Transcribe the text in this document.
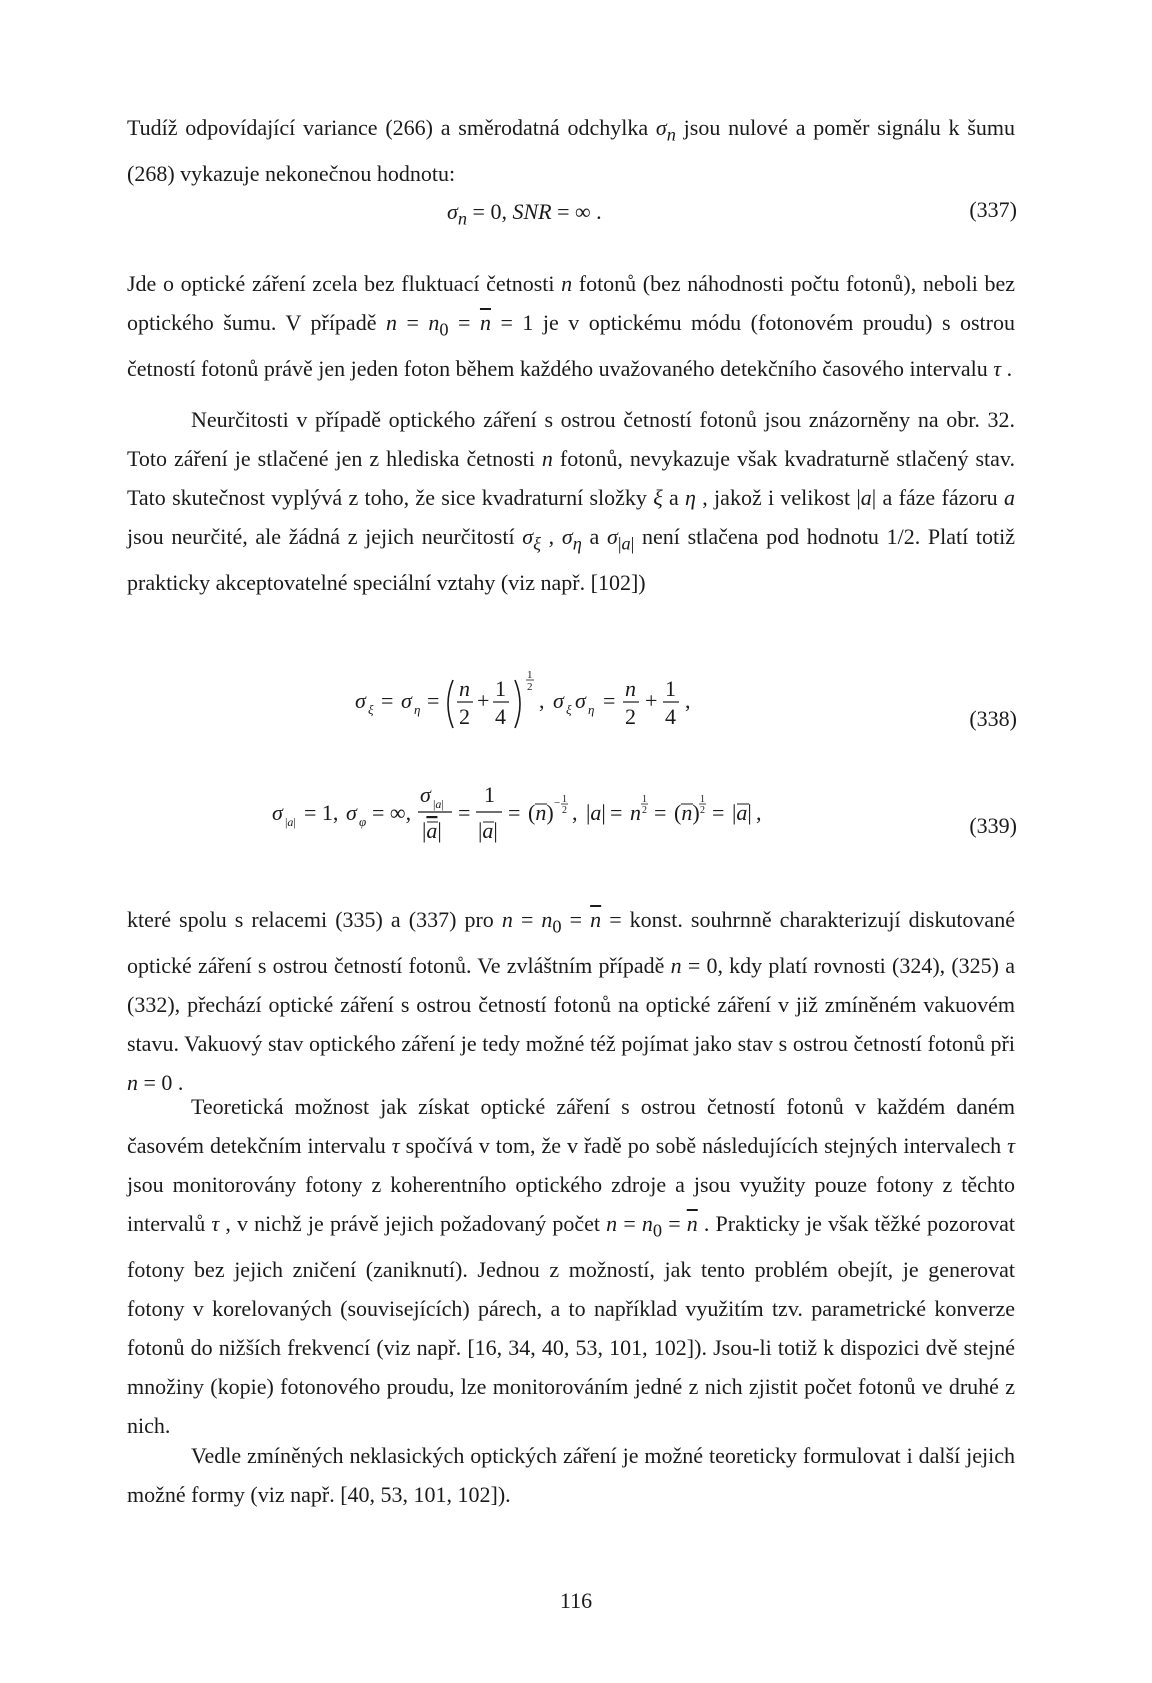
Tudíž odpovídající variance (266) a směrodatná odchylka $\sigma_n$ jsou nulové a poměr signálu k šumu (268) vykazuje nekonečnou hodnotu:
$\sigma_n = 0$, SNR = ∞ .	(337)
Jde o optické záření zcela bez fluktuací četnosti n fotonů (bez náhodnosti počtu fotonů), neboli bez optického šumu. V případě $n = n_0 = \overline{n} = 1$ je v optickému módu (fotonovém proudu) s ostrou četností fotonů právě jen jeden foton během každého uvažovaného detekčního časového intervalu τ .
Neurčitosti v případě optického záření s ostrou četností fotonů jsou znázorněny na obr. 32. Toto záření je stlačené jen z hlediska četnosti n fotonů, nevykazuje však kvadraturně stlačený stav. Tato skutečnost vyplývá z toho, že sice kvadraturní složky ξ a η , jakož i velikost |a| a fáze fázoru a jsou neurčité, ale žádná z jejich neurčitostí $\sigma_\xi$ , $\sigma_\eta$ a $\sigma_{|a|}$ není stlačena pod hodnotu 1/2. Platí totiž prakticky akceptovatelné speciální vztahy (viz např. [102])
σ ξ = σ η = n
2
+ 1
4
1
2
, σ ξ σ η = n
2
+ 1
4
,
(338)
σ |a| = 1, σ φ = ∞,
σ |a|
|a|
=
1
|a|
= (n) − 1
2 , |a| = n
1
2 = (n)
1
2 = |a| ,
(339)
které spolu s relacemi (335) a (337) pro $n = n_0 = \overline{n}$ = konst. souhrnně charakterizují diskutované optické záření s ostrou četností fotonů. Ve zvláštním případě n = 0, kdy platí rovnosti (324), (325) a (332), přechází optické záření s ostrou četností fotonů na optické záření v již zmíněném vakuovém stavu. Vakuový stav optického záření je tedy možné též pojímat jako stav s ostrou četností fotonů při n = 0 .
Teoretická možnost jak získat optické záření s ostrou četností fotonů v každém daném časovém detekčním intervalu τ spočívá v tom, že v řadě po sobě následujících stejných intervalech τ jsou monitorovány fotony z koherentního optického zdroje a jsou využity pouze fotony z těchto intervalů τ , v nichž je právě jejich požadovaný počet $n = n_0 = \overline{n}$ . Prakticky je však těžké pozorovat fotony bez jejich zničení (zaniknutí). Jednou z možností, jak tento problém obejít, je generovat fotony v korelovaných (souvisejících) párech, a to například využitím tzv. parametrické konverze fotonů do nižších frekvencí (viz např. [16, 34, 40, 53, 101, 102]). Jsou-li totiž k dispozici dvě stejné množiny (kopie) fotonového proudu, lze monitorováním jedné z nich zjistit počet fotonů ve druhé z nich.
Vedle zmíněných neklasických optických záření je možné teoreticky formulovat i další jejich možné formy (viz např. [40, 53, 101, 102]).
116
